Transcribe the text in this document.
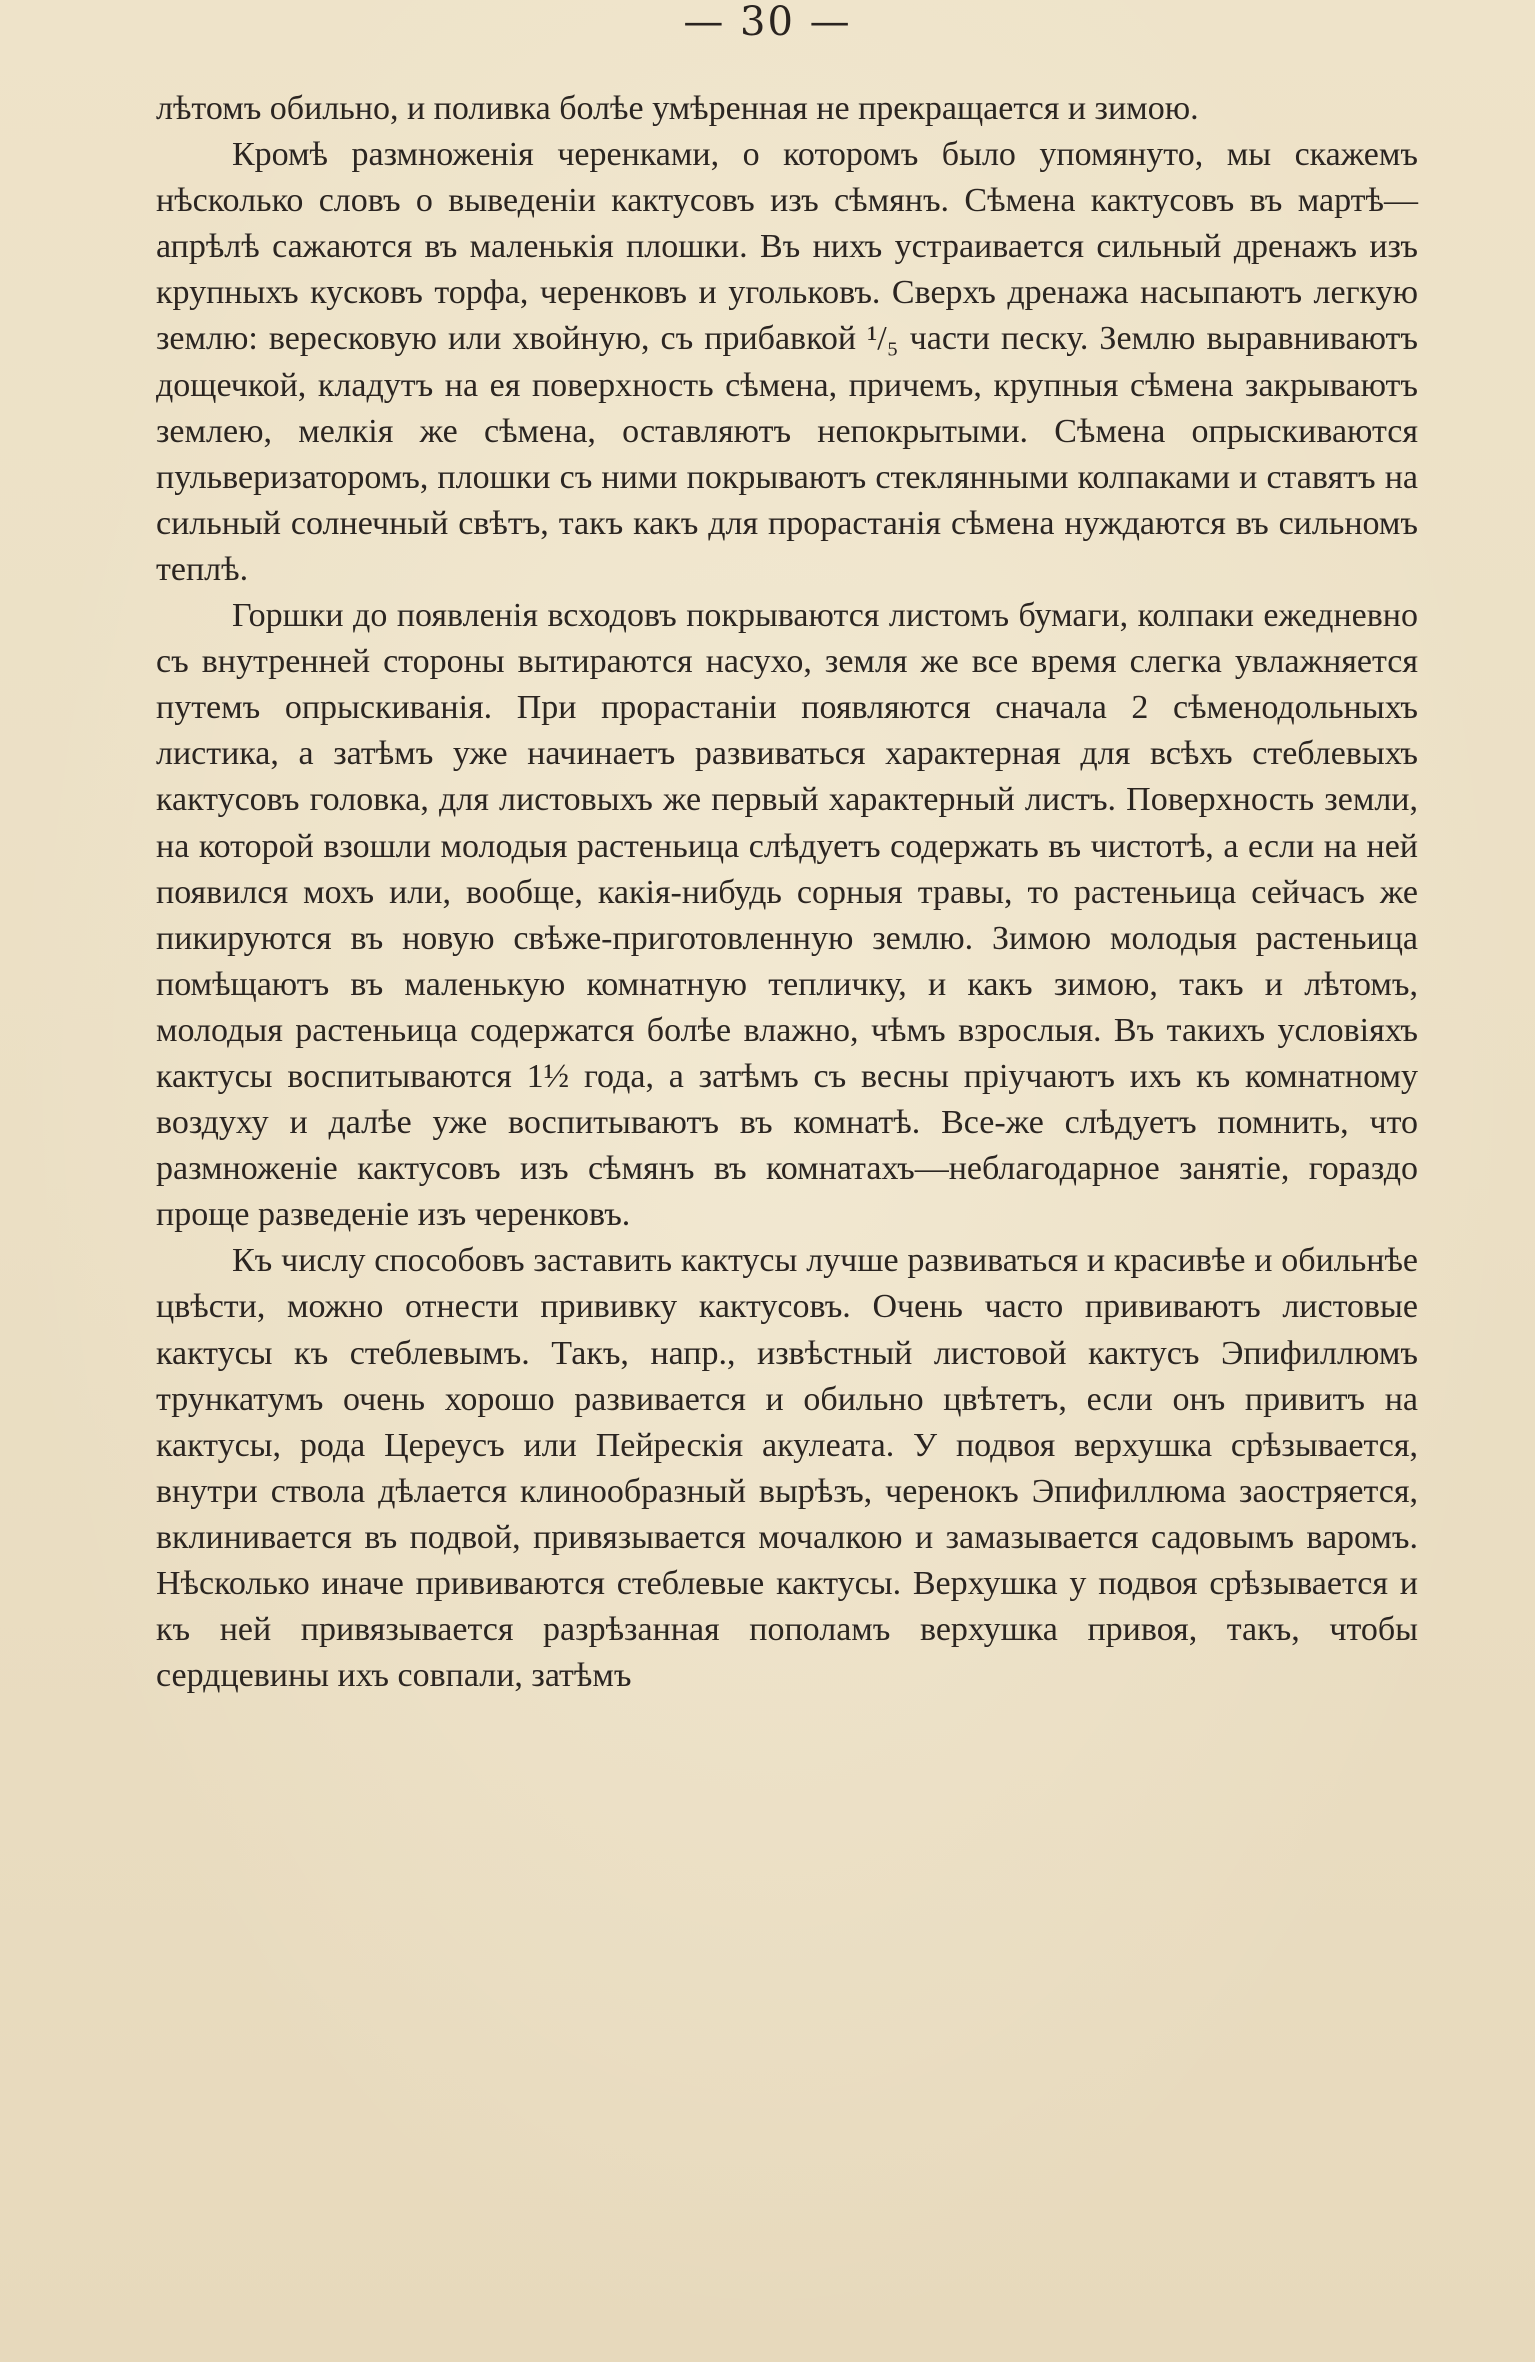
— 30 —

лѣтомъ обильно, и поливка болѣе умѣренная не прекращается и зимою.

Кромѣ размноженія черенками, о которомъ было упомянуто, мы скажемъ нѣсколько словъ о выведеніи кактусовъ изъ сѣмянъ. Сѣмена кактусовъ въ мартѣ—апрѣлѣ сажаются въ маленькія плошки. Въ нихъ устраивается сильный дренажъ изъ крупныхъ кусковъ торфа, черенковъ и угольковъ. Сверхъ дренажа насыпаютъ легкую землю: вересковую или хвойную, съ прибавкой ¹/₅ части песку. Землю выравниваютъ дощечкой, кладутъ на ея поверхность сѣмена, причемъ, крупныя сѣмена закрываютъ землею, мелкія же сѣмена, оставляютъ непокрытыми. Сѣмена опрыскиваются пульверизаторомъ, плошки съ ними покрываютъ стеклянными колпаками и ставятъ на сильный солнечный свѣтъ, такъ какъ для прорастанія сѣмена нуждаются въ сильномъ теплѣ.

Горшки до появленія всходовъ покрываются листомъ бумаги, колпаки ежедневно съ внутренней стороны вытираются насухо, земля же все время слегка увлажняется путемъ опрыскиванія. При прорастаніи появляются сначала 2 сѣменодольныхъ листика, а затѣмъ уже начинаетъ развиваться характерная для всѣхъ стеблевыхъ кактусовъ головка, для листовыхъ же первый характерный листъ. Поверхность земли, на которой взошли молодыя растеньица слѣдуетъ содержать въ чистотѣ, а если на ней появился мохъ или, вообще, какія-нибудь сорныя травы, то растеньица сейчасъ же пикируются въ новую свѣже-приготовленную землю. Зимою молодыя растеньица помѣщаютъ въ маленькую комнатную тепличку, и какъ зимою, такъ и лѣтомъ, молодыя растеньица содержатся болѣе влажно, чѣмъ взрослыя. Въ такихъ условіяхъ кактусы воспитываются 1½ года, а затѣмъ съ весны пріучаютъ ихъ къ комнатному воздуху и далѣе уже воспитываютъ въ комнатѣ. Все-же слѣдуетъ помнить, что размноженіе кактусовъ изъ сѣмянъ въ комнатахъ—неблагодарное занятіе, гораздо проще разведеніе изъ черенковъ.

Къ числу способовъ заставить кактусы лучше развиваться и красивѣе и обильнѣе цвѣсти, можно отнести прививку кактусовъ. Очень часто прививаютъ листовые кактусы къ стеблевымъ. Такъ, напр., извѣстный листовой кактусъ Эпифиллюмъ трункатумъ очень хорошо развивается и обильно цвѣтетъ, если онъ привитъ на кактусы, рода Цереусъ или Пейрескія акулеата. У подвоя верхушка срѣзывается, внутри ствола дѣлается клинообразный вырѣзъ, черенокъ Эпифиллюма заостряется, вклинивается въ подвой, привязывается мочалкою и замазывается садовымъ варомъ. Нѣсколько иначе прививаются стеблевые кактусы. Верхушка у подвоя срѣзывается и къ ней привязывается разрѣзанная пополамъ верхушка привоя, такъ, чтобы сердцевины ихъ совпали, затѣмъ
